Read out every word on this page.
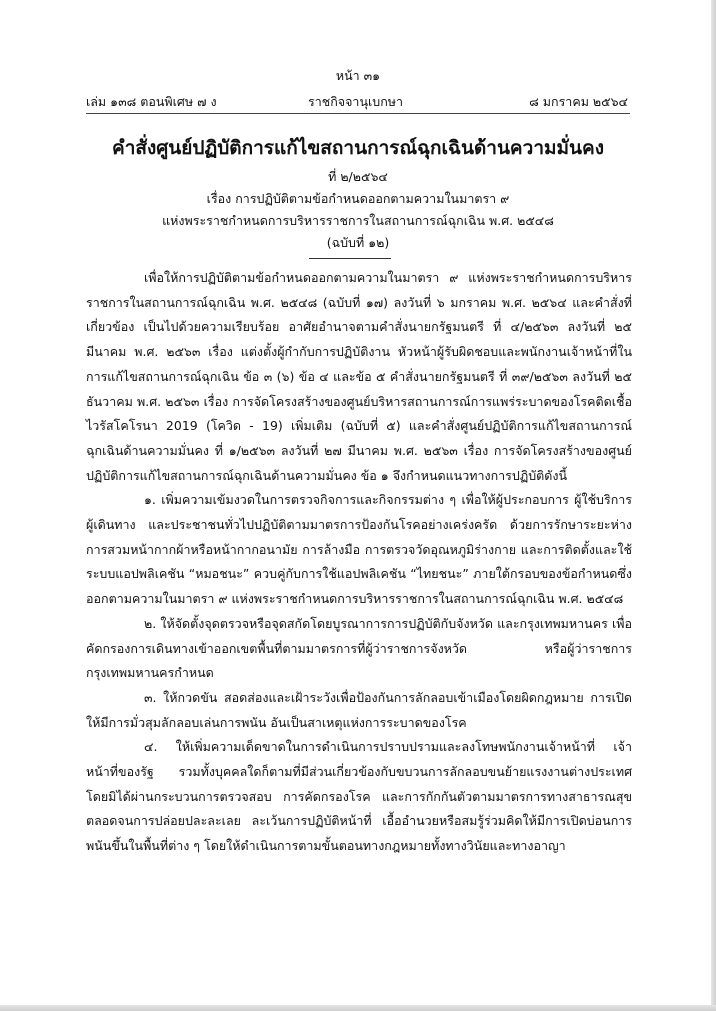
หน้า ๓๑
เล่ม ๑๓๘ ตอนพิเศษ ๗ ง	ราชกิจจานุเบกษา	๘ มกราคม ๒๕๖๔
คำสั่งศูนย์ปฏิบัติการแก้ไขสถานการณ์ฉุกเฉินด้านความมั่นคง
ที่ ๒/๒๕๖๔
เรื่อง การปฏิบัติตามข้อกำหนดออกตามความในมาตรา ๙
แห่งพระราชกำหนดการบริหารราชการในสถานการณ์ฉุกเฉิน พ.ศ. ๒๕๔๘
(ฉบับที่ ๑๒)

เพื่อให้การปฏิบัติตามข้อกำหนดออกตามความในมาตรา ๙ แห่งพระราชกำหนดการบริหารราชการในสถานการณ์ฉุกเฉิน พ.ศ. ๒๕๔๘ (ฉบับที่ ๑๗) ลงวันที่ ๖ มกราคม พ.ศ. ๒๕๖๔ และคำสั่งที่เกี่ยวข้อง เป็นไปด้วยความเรียบร้อย อาศัยอำนาจตามคำสั่งนายกรัฐมนตรี ที่ ๔/๒๕๖๓ ลงวันที่ ๒๕ มีนาคม พ.ศ. ๒๕๖๓ เรื่อง แต่งตั้งผู้กำกับการปฏิบัติงาน หัวหน้าผู้รับผิดชอบและพนักงานเจ้าหน้าที่ในการแก้ไขสถานการณ์ฉุกเฉิน ข้อ ๓ (๖) ข้อ ๔ และข้อ ๕ คำสั่งนายกรัฐมนตรี ที่ ๓๙/๒๕๖๓ ลงวันที่ ๒๕ ธันวาคม พ.ศ. ๒๕๖๓ เรื่อง การจัดโครงสร้างของศูนย์บริหารสถานการณ์การแพร่ระบาดของโรคติดเชื้อไวรัสโคโรนา 2019 (โควิด - 19) เพิ่มเติม (ฉบับที่ ๕) และคำสั่งศูนย์ปฏิบัติการแก้ไขสถานการณ์ฉุกเฉินด้านความมั่นคง ที่ ๑/๒๕๖๓ ลงวันที่ ๒๗ มีนาคม พ.ศ. ๒๕๖๓ เรื่อง การจัดโครงสร้างของศูนย์ปฏิบัติการแก้ไขสถานการณ์ฉุกเฉินด้านความมั่นคง ข้อ ๑ จึงกำหนดแนวทางการปฏิบัติดังนี้

๑. เพิ่มความเข้มงวดในการตรวจกิจการและกิจกรรมต่าง ๆ เพื่อให้ผู้ประกอบการ ผู้ใช้บริการ ผู้เดินทาง และประชาชนทั่วไปปฏิบัติตามมาตรการป้องกันโรคอย่างเคร่งครัด ด้วยการรักษาระยะห่าง การสวมหน้ากากผ้าหรือหน้ากากอนามัย การล้างมือ การตรวจวัดอุณหภูมิร่างกาย และการติดตั้งและใช้ระบบแอปพลิเคชัน “หมอชนะ” ควบคู่กับการใช้แอปพลิเคชัน “ไทยชนะ” ภายใต้กรอบของข้อกำหนดซึ่งออกตามความในมาตรา ๙ แห่งพระราชกำหนดการบริหารราชการในสถานการณ์ฉุกเฉิน พ.ศ. ๒๕๔๘

๒. ให้จัดตั้งจุดตรวจหรือจุดสกัดโดยบูรณาการการปฏิบัติกับจังหวัด และกรุงเทพมหานคร เพื่อคัดกรองการเดินทางเข้าออกเขตพื้นที่ตามมาตรการที่ผู้ว่าราชการจังหวัด หรือผู้ว่าราชการกรุงเทพมหานครกำหนด

๓. ให้กวดขัน สอดส่องและเฝ้าระวังเพื่อป้องกันการลักลอบเข้าเมืองโดยผิดกฎหมาย การเปิดให้มีการมั่วสุมลักลอบเล่นการพนัน อันเป็นสาเหตุแห่งการระบาดของโรค

๔. ให้เพิ่มความเด็ดขาดในการดำเนินการปราบปรามและลงโทษพนักงานเจ้าหน้าที่ เจ้าหน้าที่ของรัฐ รวมทั้งบุคคลใดก็ตามที่มีส่วนเกี่ยวข้องกับขบวนการลักลอบขนย้ายแรงงานต่างประเทศโดยมิได้ผ่านกระบวนการตรวจสอบ การคัดกรองโรค และการกักกันตัวตามมาตรการทางสาธารณสุข ตลอดจนการปล่อยปละละเลย ละเว้นการปฏิบัติหน้าที่ เอื้ออำนวยหรือสมรู้ร่วมคิดให้มีการเปิดบ่อนการพนันขึ้นในพื้นที่ต่าง ๆ โดยให้ดำเนินการตามขั้นตอนทางกฎหมายทั้งทางวินัยและทางอาญา
